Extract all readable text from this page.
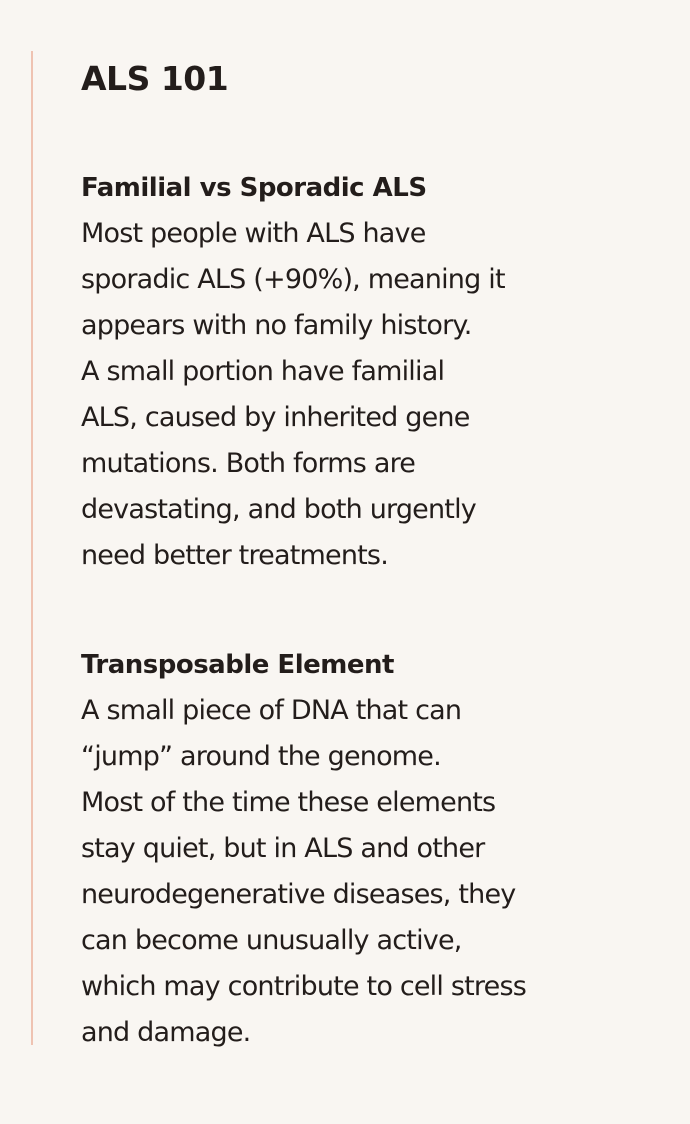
ALS 101
Familial vs Sporadic ALS

Most people with ALS have
sporadic ALS (+90%), meaning it
appears with no family history.
A small portion have familial
ALS, caused by inherited gene
mutations. Both forms are
devastating, and both urgently
need better treatments.

Transposable Element

A small piece of DNA that can
“jump” around the genome.
Most of the time these elements
stay quiet, but in ALS and other
neurodegenerative diseases, they
can become unusually active,
which may contribute to cell stress
and damage.
